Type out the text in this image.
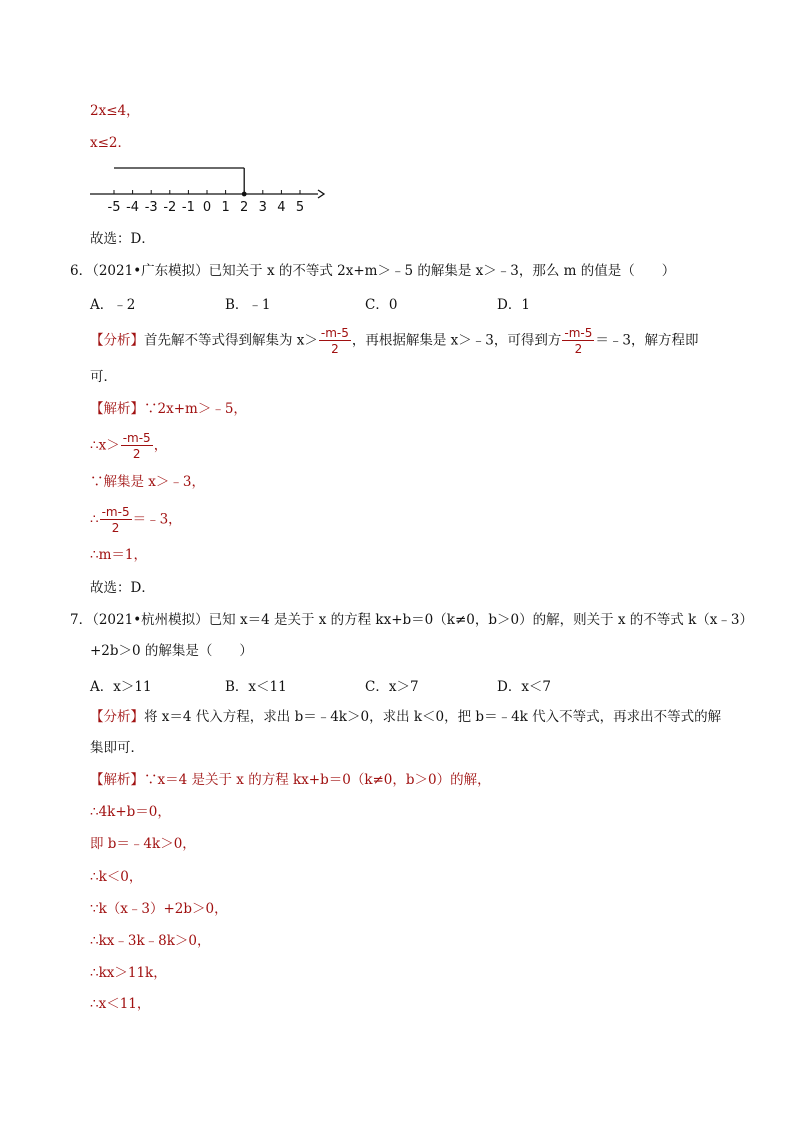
2x≤4，
x≤2．
-5 -4 -3 -2 -1 0 1 2 3 4 5
故选：D．
6．（2021•广东模拟）已知关于 x 的不等式 2x+m＞﹣5 的解集是 x＞﹣3，那么 m 的值是（　　）
A．﹣2	B．﹣1	C．0	D．1
【分析】首先解不等式得到解集为 $x> \frac{-m-5}{2}$ ，再根据解集是 x＞﹣3，可得到方 $\frac{-m-5}{2}$ ＝﹣3，解方程即
可．
【解析】∵2x+m＞﹣5，
∴x＞ $\frac{-m-5}{2}$ ，
∵解集是 x＞﹣3，
∴ $\frac{-m-5}{2}$ ＝﹣3，
∴m＝1，
故选：D．
7．（2021•杭州模拟）已知 x＝4 是关于 x 的方程 kx+b＝0（k≠0，b＞0）的解，则关于 x 的不等式 k（x﹣3）
+2b＞0 的解集是（　　）
A．x＞11	B．x＜11	C．x＞7	D．x＜7
【分析】将 x＝4 代入方程，求出 b＝﹣4k＞0，求出 k＜0，把 b＝﹣4k 代入不等式，再求出不等式的解
集即可．
【解析】∵x＝4 是关于 x 的方程 kx+b＝0（k≠0，b＞0）的解，
∴4k+b＝0，
即 b＝﹣4k＞0，
∴k＜0，
∵k（x﹣3）+2b＞0，
∴kx﹣3k﹣8k＞0，
∴kx＞11k，
∴x＜11，
